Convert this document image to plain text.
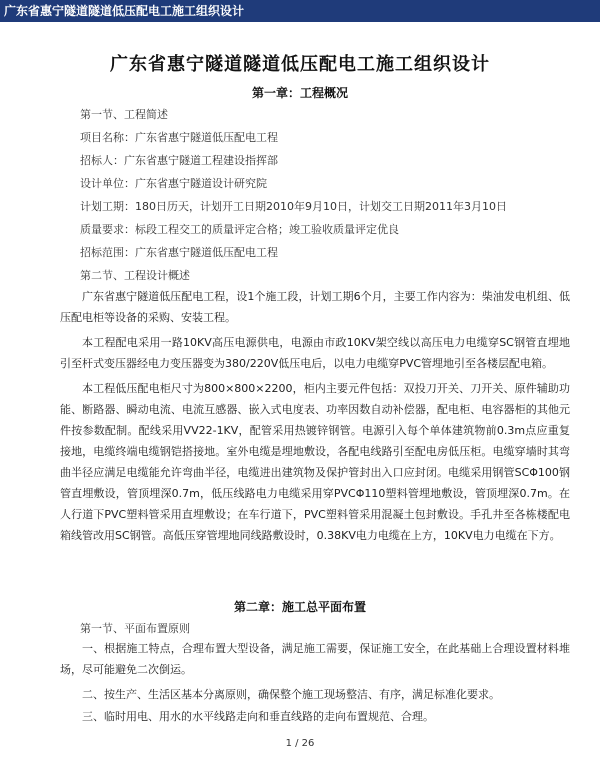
广东省惠宁隧道隧道低压配电工施工组织设计
广东省惠宁隧道隧道低压配电工施工组织设计
第一章：工程概况
第一节、工程简述
项目名称：广东省惠宁隧道低压配电工程
招标人：广东省惠宁隧道工程建设指挥部
设计单位：广东省惠宁隧道设计研究院
计划工期：180日历天，计划开工日期2010年9月10日，计划交工日期2011年3月10日
质量要求：标段工程交工的质量评定合格；竣工验收质量评定优良
招标范围：广东省惠宁隧道低压配电工程
第二节、工程设计概述
广东省惠宁隧道低压配电工程，设1个施工段，计划工期6个月，主要工作内容为：柴油发电机组、低压配电柜等设备的采购、安装工程。
本工程配电采用一路10KV高压电源供电，电源由市政10KV架空线以高压电力电缆穿SC钢管直埋地引至杆式变压器经电力变压器变为380/220V低压电后，以电力电缆穿PVC管埋地引至各楼层配电箱。
本工程低压配电柜尺寸为800×800×2200，柜内主要元件包括：双投刀开关、刀开关、原件辅助功能、断路器、瞬动电流、电流互感器、嵌入式电度表、功率因数自动补偿器，配电柜、电容器柜的其他元件按参数配制。配线采用VV22-1KV，配管采用热镀锌钢管。电源引入每个单体建筑物前0.3m点应重复接地，电缆终端电缆钢铠搭接地。室外电缆是埋地敷设，各配电线路引至配电房低压柜。电缆穿墙时其弯曲半径应满足电缆能允许弯曲半径，电缆进出建筑物及保护管封出入口应封闭。电缆采用钢管SCΦ100钢管直埋敷设，管顶埋深0.7m，低压线路电力电缆采用穿PVCΦ110塑料管埋地敷设，管顶埋深0.7m。在人行道下PVC塑料管采用直埋敷设；在车行道下，PVC塑料管采用混凝土包封敷设。手孔井至各栋楼配电箱线管改用SC钢管。高低压穿管埋地同线路敷设时，0.38KV电力电缆在上方，10KV电力电缆在下方。
第二章：施工总平面布置
第一节、平面布置原则
一、根据施工特点，合理布置大型设备，满足施工需要，保证施工安全，在此基础上合理设置材料堆场，尽可能避免二次倒运。
二、按生产、生活区基本分离原则，确保整个施工现场整洁、有序，满足标准化要求。
三、临时用电、用水的水平线路走向和垂直线路的走向布置规范、合理。
1 / 26
